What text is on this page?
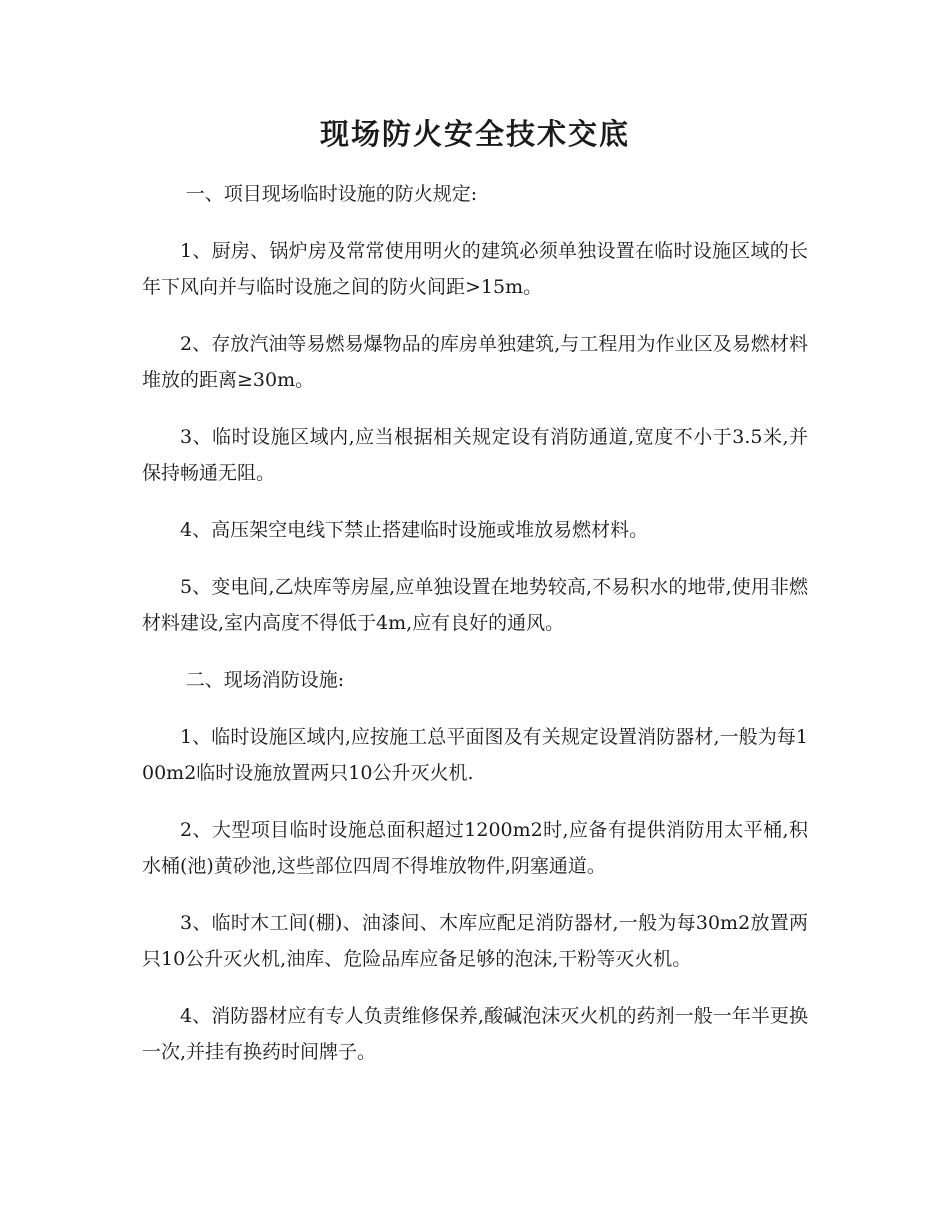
现场防火安全技术交底

一、项目现场临时设施的防火规定:

1、厨房、锅炉房及常常使用明火的建筑必须单独设置在临时设施区域的长年下风向并与临时设施之间的防火间距>15m。

2、存放汽油等易燃易爆物品的库房单独建筑,与工程用为作业区及易燃材料堆放的距离≥30m。

3、临时设施区域内,应当根据相关规定设有消防通道,宽度不小于3.5米,并保持畅通无阻。

4、高压架空电线下禁止搭建临时设施或堆放易燃材料。

5、变电间,乙炔库等房屋,应单独设置在地势较高,不易积水的地带,使用非燃材料建设,室内高度不得低于4m,应有良好的通风。

二、现场消防设施:

1、临时设施区域内,应按施工总平面图及有关规定设置消防器材,一般为每100m2临时设施放置两只10公升灭火机.

2、大型项目临时设施总面积超过1200m2时,应备有提供消防用太平桶,积水桶(池)黄砂池,这些部位四周不得堆放物件,阴塞通道。

3、临时木工间(棚)、油漆间、木库应配足消防器材,一般为每30m2放置两只10公升灭火机,油库、危险品库应备足够的泡沫,干粉等灭火机。

4、消防器材应有专人负责维修保养,酸碱泡沫灭火机的药剂一般一年半更换一次,并挂有换药时间牌子。
